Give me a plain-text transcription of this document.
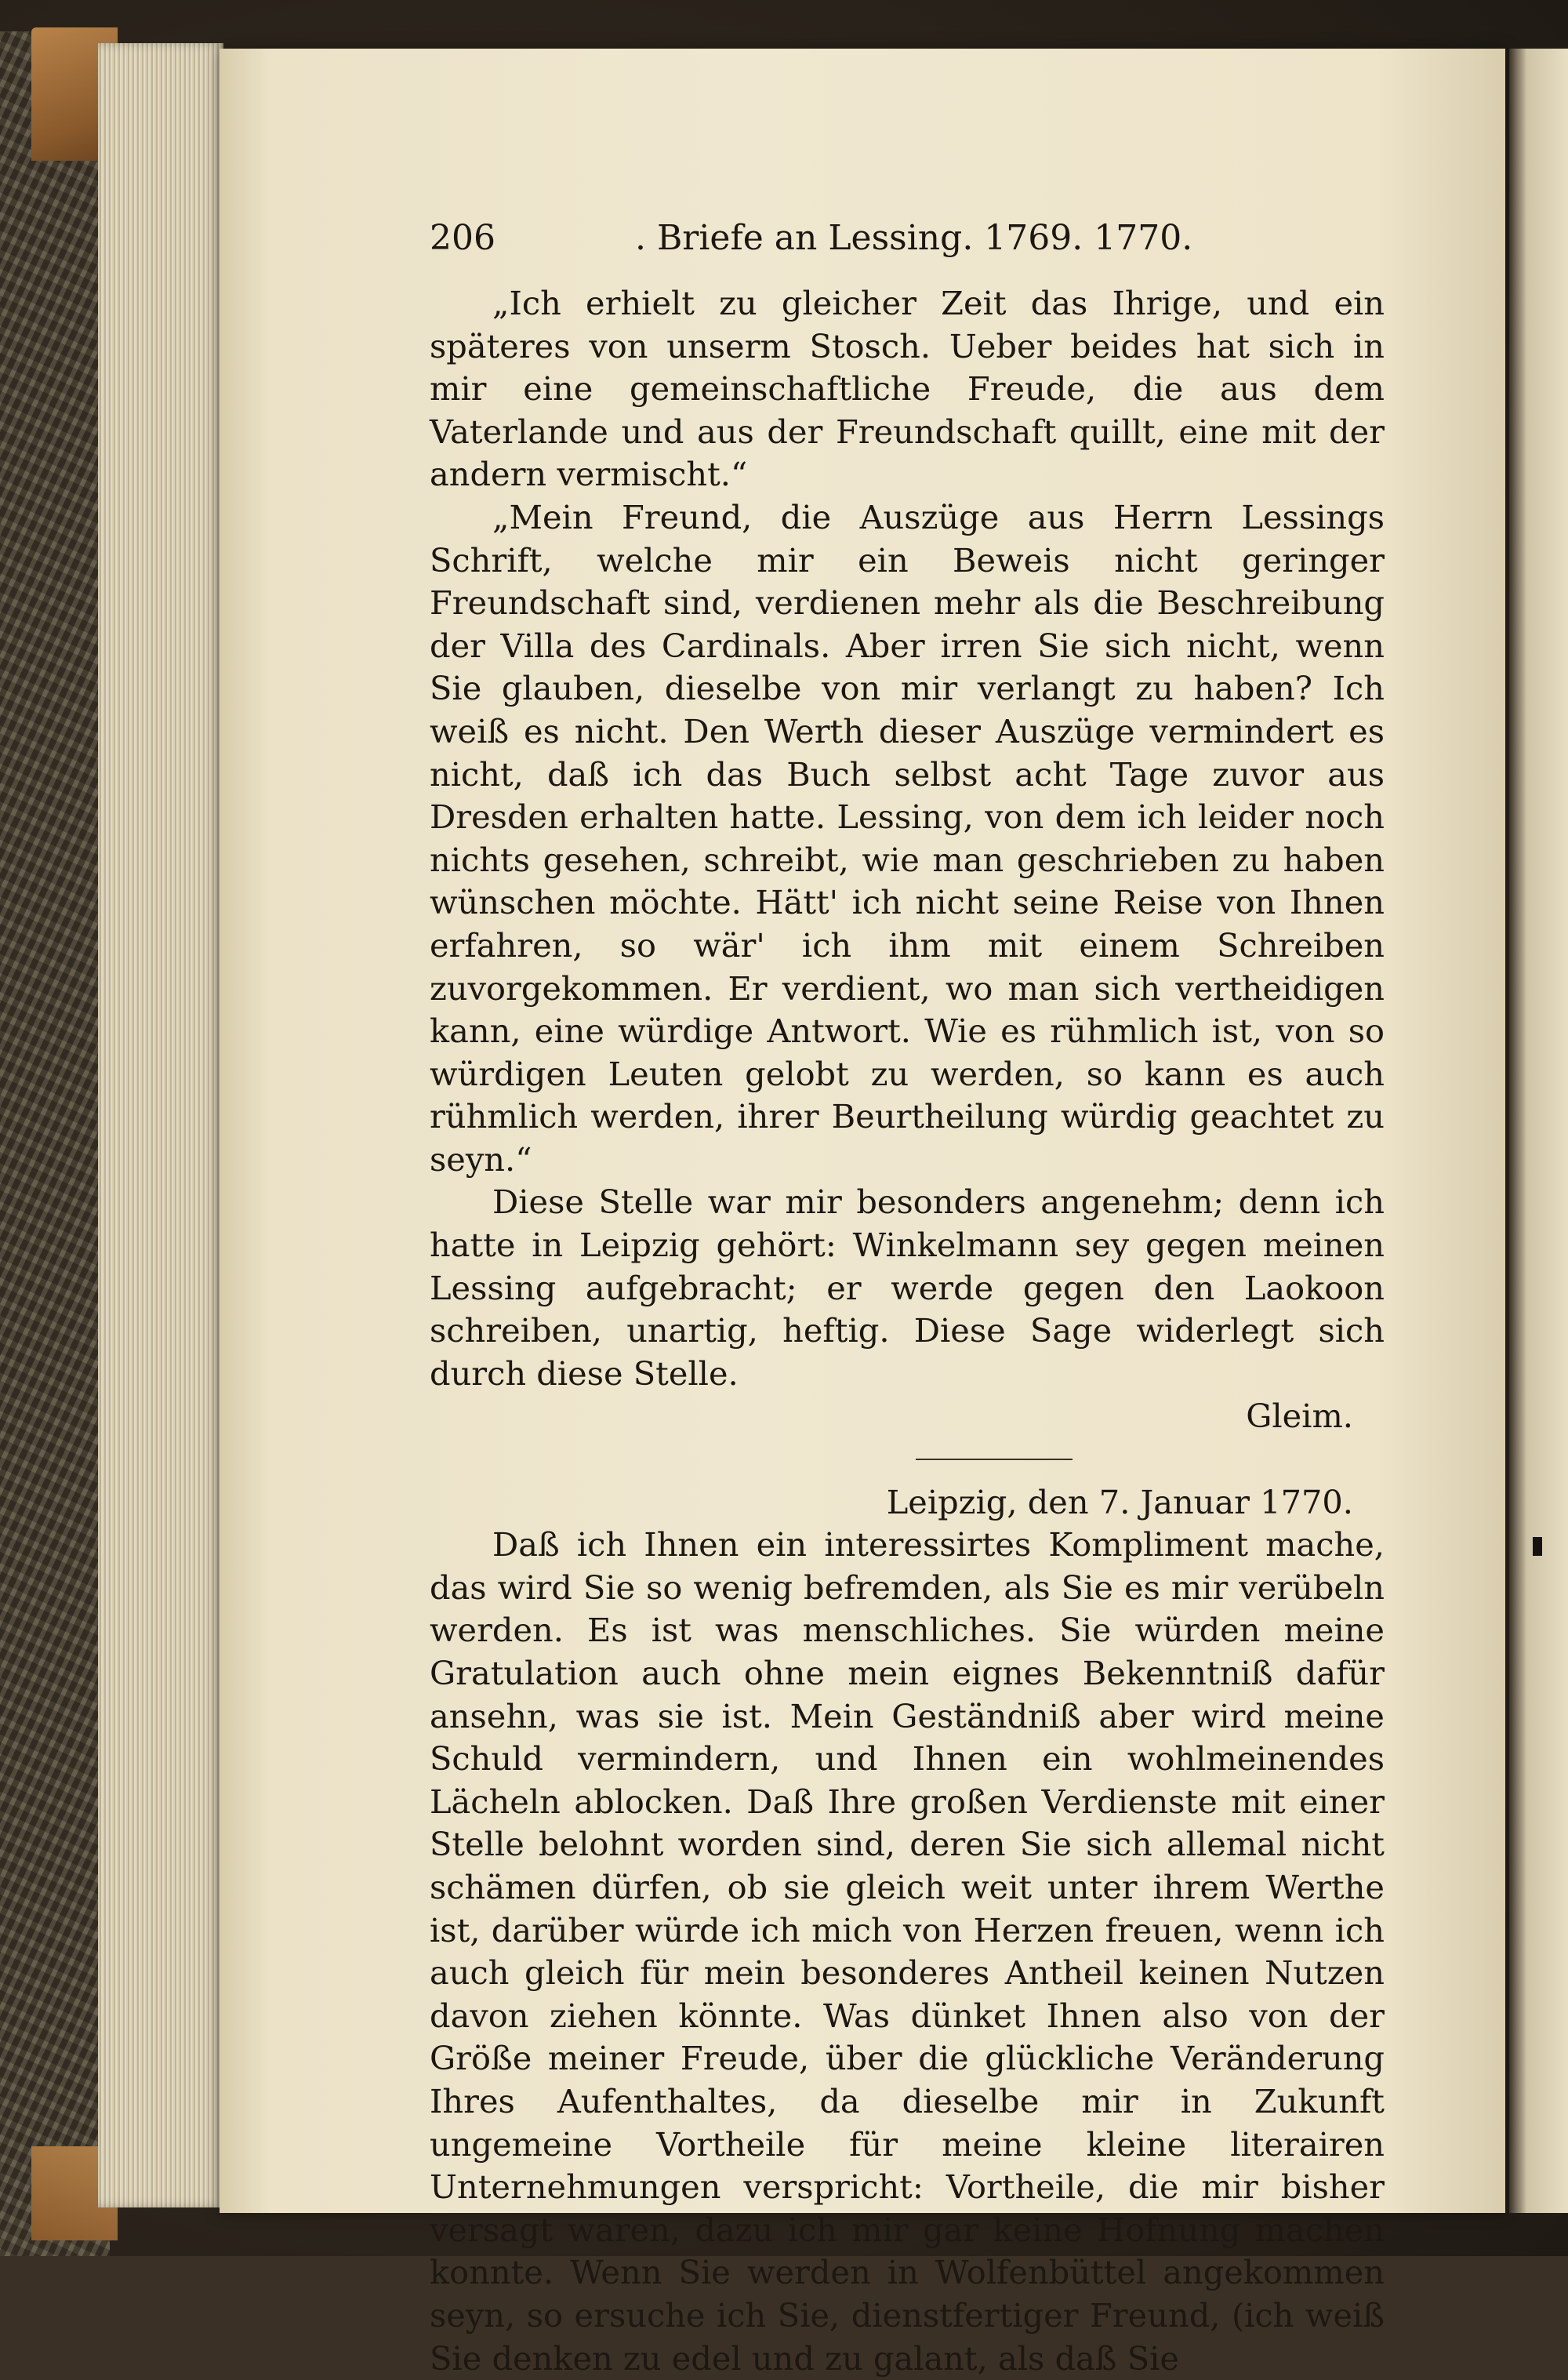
206	. Briefe an Lessing. 1769. 1770.

„Ich erhielt zu gleicher Zeit das Ihrige, und ein späteres von unserm Stosch. Ueber beides hat sich in mir eine gemeinschaftliche Freude, die aus dem Vaterlande und aus der Freundschaft quillt, eine mit der andern vermischt.“

„Mein Freund, die Auszüge aus Herrn Lessings Schrift, welche mir ein Beweis nicht geringer Freundschaft sind, verdienen mehr als die Beschreibung der Villa des Cardinals. Aber irren Sie sich nicht, wenn Sie glauben, dieselbe von mir verlangt zu haben? Ich weiß es nicht. Den Werth dieser Auszüge vermindert es nicht, daß ich das Buch selbst acht Tage zuvor aus Dresden erhalten hatte. Lessing, von dem ich leider noch nichts gesehen, schreibt, wie man geschrieben zu haben wünschen möchte. Hätt' ich nicht seine Reise von Ihnen erfahren, so wär' ich ihm mit einem Schreiben zuvorgekommen. Er verdient, wo man sich vertheidigen kann, eine würdige Antwort. Wie es rühmlich ist, von so würdigen Leuten gelobt zu werden, so kann es auch rühmlich werden, ihrer Beurtheilung würdig geachtet zu seyn.“

Diese Stelle war mir besonders angenehm; denn ich hatte in Leipzig gehört: Winkelmann sey gegen meinen Lessing aufgebracht; er werde gegen den Laokoon schreiben, unartig, heftig. Diese Sage widerlegt sich durch diese Stelle.

Gleim.

Leipzig, den 7. Januar 1770.

Daß ich Ihnen ein interessirtes Kompliment mache, das wird Sie so wenig befremden, als Sie es mir verübeln werden. Es ist was menschliches. Sie würden meine Gratulation auch ohne mein eignes Bekenntniß dafür ansehn, was sie ist. Mein Geständniß aber wird meine Schuld vermindern, und Ihnen ein wohlmeinendes Lächeln ablocken. Daß Ihre großen Verdienste mit einer Stelle belohnt worden sind, deren Sie sich allemal nicht schämen dürfen, ob sie gleich weit unter ihrem Werthe ist, darüber würde ich mich von Herzen freuen, wenn ich auch gleich für mein besonderes Antheil keinen Nutzen davon ziehen könnte. Was dünket Ihnen also von der Größe meiner Freude, über die glückliche Veränderung Ihres Aufenthaltes, da dieselbe mir in Zukunft ungemeine Vortheile für meine kleine literairen Unternehmungen verspricht: Vortheile, die mir bisher versagt waren, dazu ich mir gar keine Hofnung machen konnte. Wenn Sie werden in Wolfenbüttel angekommen seyn, so ersuche ich Sie, dienstfertiger Freund, (ich weiß Sie denken zu edel und zu galant, als daß Sie
